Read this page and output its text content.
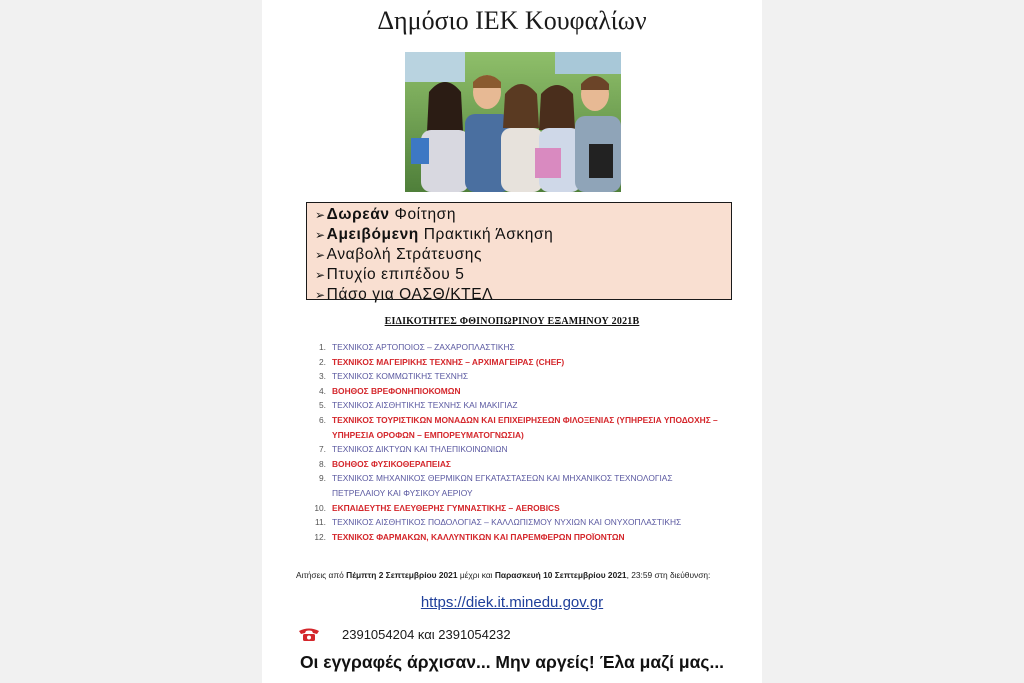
Δημόσιο ΙΕΚ Κουφαλίων
➢Δωρεάν Φοίτηση
➢Αμειβόμενη Πρακτική Άσκηση
➢Αναβολή Στράτευσης
➢Πτυχίο επιπέδου 5
➢Πάσο για ΟΑΣΘ/ΚΤΕΛ
ΕΙΔΙΚΟΤΗΤΕΣ ΦΘΙΝΟΠΩΡΙΝΟΥ ΕΞΑΜΗΝΟΥ 2021Β
1. ΤΕΧΝΙΚΟΣ ΑΡΤΟΠΟΙΟΣ – ΖΑΧΑΡΟΠΛΑΣΤΙΚΗΣ
2. ΤΕΧΝΙΚΟΣ ΜΑΓΕΙΡΙΚΗΣ ΤΕΧΝΗΣ – ΑΡΧΙΜΑΓΕΙΡΑΣ (CHEF)
3. ΤΕΧΝΙΚΟΣ ΚΟΜΜΩΤΙΚΗΣ ΤΕΧΝΗΣ
4. ΒΟΗΘΟΣ ΒΡΕΦΟΝΗΠΙΟΚΟΜΩΝ
5. ΤΕΧΝΙΚΟΣ ΑΙΣΘΗΤΙΚΗΣ ΤΕΧΝΗΣ ΚΑΙ ΜΑΚΙΓΙΑΖ
6. ΤΕΧΝΙΚΟΣ ΤΟΥΡΙΣΤΙΚΩΝ ΜΟΝΑΔΩΝ ΚΑΙ ΕΠΙΧΕΙΡΗΣΕΩΝ ΦΙΛΟΞΕΝΙΑΣ (ΥΠΗΡΕΣΙΑ ΥΠΟΔΟΧΗΣ – ΥΠΗΡΕΣΙΑ ΟΡΟΦΩΝ – ΕΜΠΟΡΕΥΜΑΤΟΓΝΩΣΙΑ)
7. ΤΕΧΝΙΚΟΣ ΔΙΚΤΥΩΝ ΚΑΙ ΤΗΛΕΠΙΚΟΙΝΩΝΙΩΝ
8. ΒΟΗΘΟΣ ΦΥΣΙΚΟΘΕΡΑΠΕΙΑΣ
9. ΤΕΧΝΙΚΟΣ ΜΗΧΑΝΙΚΟΣ ΘΕΡΜΙΚΩΝ ΕΓΚΑΤΑΣΤΑΣΕΩΝ ΚΑΙ ΜΗΧΑΝΙΚΟΣ ΤΕΧΝΟΛΟΓΙΑΣ ΠΕΤΡΕΛΑΙΟΥ ΚΑΙ ΦΥΣΙΚΟΥ ΑΕΡΙΟΥ
10. ΕΚΠΑΙΔΕΥΤΗΣ ΕΛΕΥΘΕΡΗΣ ΓΥΜΝΑΣΤΙΚΗΣ – AEROBICS
11. ΤΕΧΝΙΚΟΣ ΑΙΣΘΗΤΙΚΟΣ ΠΟΔΟΛΟΓΙΑΣ – ΚΑΛΛΩΠΙΣΜΟΥ ΝΥΧΙΩΝ ΚΑΙ ΟΝΥΧΟΠΛΑΣΤΙΚΗΣ
12. ΤΕΧΝΙΚΟΣ ΦΑΡΜΑΚΩΝ, ΚΑΛΛΥΝΤΙΚΩΝ ΚΑΙ ΠΑΡΕΜΦΕΡΩΝ ΠΡΟΪΟΝΤΩΝ
Αιτήσεις από Πέμπτη 2 Σεπτεμβρίου 2021 μέχρι και Παρασκευή 10 Σεπτεμβρίου 2021, 23:59 στη διεύθυνση:
https://diek.it.minedu.gov.gr
2391054204 και 2391054232
Οι εγγραφές άρχισαν... Μην αργείς! Έλα μαζί μας...
